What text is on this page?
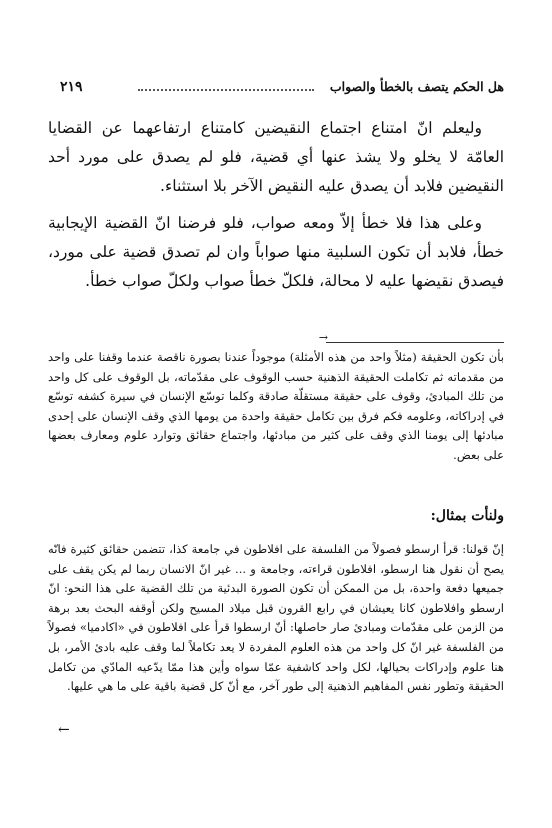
هل الحكم يتصف بالخطأ والصواب
٢١٩

وليعلم انّ امتناع اجتماع النقيضين كامتناع ارتفاعهما عن القضايا العامّة لا يخلو ولا يشذ عنها أي قضية، فلو لم يصدق على مورد أحد النقيضين فلابد أن يصدق عليه النقيض الآخر بلا استثناء.

وعلى هذا فلا خطأ إلاّ ومعه صواب، فلو فرضنا انّ القضية الإيجابية خطأ، فلابد أن تكون السلبية منها صواباً وان لم تصدق قضية على مورد، فيصدق نقيضها عليه لا محالة، فلكلّ خطأ صواب ولكلّ صواب خطأ.

→

بأن تكون الحقيقة (مثلاً واحد من هذه الأمثلة) موجوداً عندنا بصورة ناقصة عندما وقفنا على واحد من مقدماته ثم تكاملت الحقيقة الذهنية حسب الوقوف على مقدّماته، بل الوقوف على كل واحد من تلك المبادئ، وقوف على حقيقة مستقلّة صادقة وكلما توسّع الإنسان في سيرة كشفه توسّع في إدراكاته، وعلومه فكم فرق بين تكامل حقيقة واحدة من يومها الذي وقف الإنسان على إحدى مبادئها إلى يومنا الذي وقف على كثير من مبادئها، واجتماع حقائق وتوارد علوم ومعارف بعضها على بعض.

ولنأت بمثال:

إنّ قولنا: قرأ ارسطو فصولاً من الفلسفة على افلاطون في جامعة كذا، تتضمن حقائق كثيرة فانّه يصح أن نقول هنا ارسطو، افلاطون قراءته، وجامعة و ... غير انّ الانسان ربما لم يكن يقف على جميعها دفعة واحدة، بل من الممكن أن تكون الصورة البدئية من تلك القضية على هذا النحو: انّ ارسطو وافلاطون كانا يعيشان في رابع القرون قبل ميلاد المسيح ولكن أوقفه البحث بعد برهة من الزمن على مقدّمات ومبادئ صار حاصلها: أنّ ارسطوا قرأ على افلاطون في «اكادميا» فصولاً من الفلسفة غير انّ كل واحد من هذه العلوم المفردة لا يعد تكاملاً لما وقف عليه بادئ الأمر، بل هنا علوم وإدراكات بحيالها، لكل واحد كاشفية عمّا سواه وأين هذا ممّا يدّعيه المادّي من تكامل الحقيقة وتطور نفس المفاهيم الذهنية إلى طور آخر، مع أنّ كل قضية باقية على ما هي عليها.

←
